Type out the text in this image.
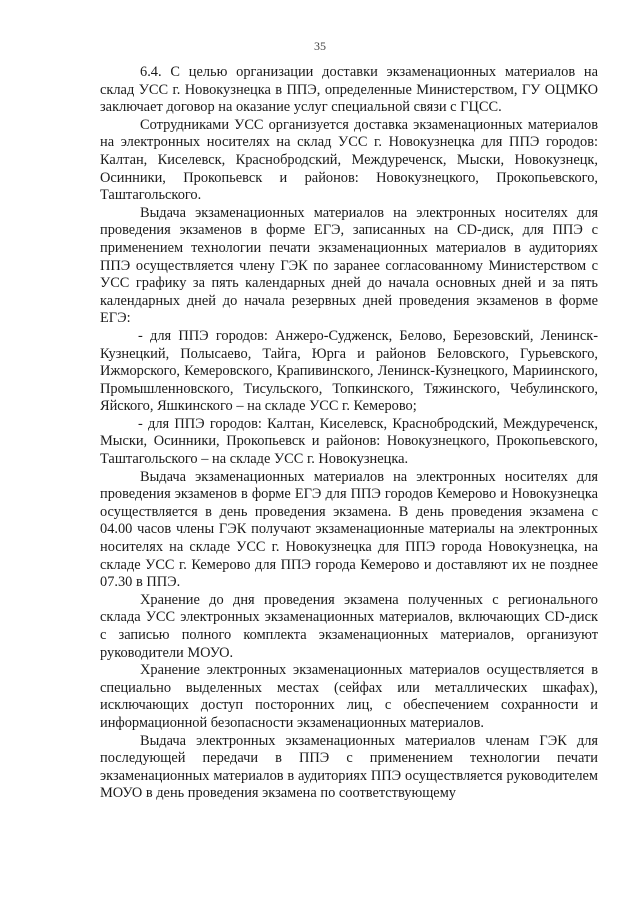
35

6.4. С целью организации доставки экзаменационных материалов на склад УСС г. Новокузнецка в ППЭ, определенные Министерством, ГУ ОЦМКО заключает договор на оказание услуг специальной связи с ГЦСС.

Сотрудниками УСС организуется доставка экзаменационных материалов на электронных носителях на склад УСС г. Новокузнецка для ППЭ городов: Калтан, Киселевск, Краснобродский, Междуреченск, Мыски, Новокузнецк, Осинники, Прокопьевск и районов: Новокузнецкого, Прокопьевского, Таштагольского.

Выдача экзаменационных материалов на электронных носителях для проведения экзаменов в форме ЕГЭ, записанных на CD-диск, для ППЭ с применением технологии печати экзаменационных материалов в аудиториях ППЭ осуществляется члену ГЭК по заранее согласованному Министерством с УСС графику за пять календарных дней до начала основных дней и за пять календарных дней до начала резервных дней проведения экзаменов в форме ЕГЭ:

- для ППЭ городов: Анжеро-Судженск, Белово, Березовский, Ленинск-Кузнецкий, Полысаево, Тайга, Юрга и районов Беловского, Гурьевского, Ижморского, Кемеровского, Крапивинского, Ленинск-Кузнецкого, Мариинского, Промышленновского, Тисульского, Топкинского, Тяжинского, Чебулинского, Яйского, Яшкинского – на складе УСС г. Кемерово;

- для ППЭ городов: Калтан, Киселевск, Краснобродский, Междуреченск, Мыски, Осинники, Прокопьевск и районов: Новокузнецкого, Прокопьевского, Таштагольского – на складе УСС г. Новокузнецка.

Выдача экзаменационных материалов на электронных носителях для проведения экзаменов в форме ЕГЭ для ППЭ городов Кемерово и Новокузнецка осуществляется в день проведения экзамена. В день проведения экзамена с 04.00 часов члены ГЭК получают экзаменационные материалы на электронных носителях на складе УСС г. Новокузнецка для ППЭ города Новокузнецка, на складе УСС г. Кемерово для ППЭ города Кемерово и доставляют их не позднее 07.30 в ППЭ.

Хранение до дня проведения экзамена полученных с регионального склада УСС электронных экзаменационных материалов, включающих CD-диск с записью полного комплекта экзаменационных материалов, организуют руководители МОУО.

Хранение электронных экзаменационных материалов осуществляется в специально выделенных местах (сейфах или металлических шкафах), исключающих доступ посторонних лиц, с обеспечением сохранности и информационной безопасности экзаменационных материалов.

Выдача электронных экзаменационных материалов членам ГЭК для последующей передачи в ППЭ с применением технологии печати экзаменационных материалов в аудиториях ППЭ осуществляется руководителем МОУО в день проведения экзамена по соответствующему
